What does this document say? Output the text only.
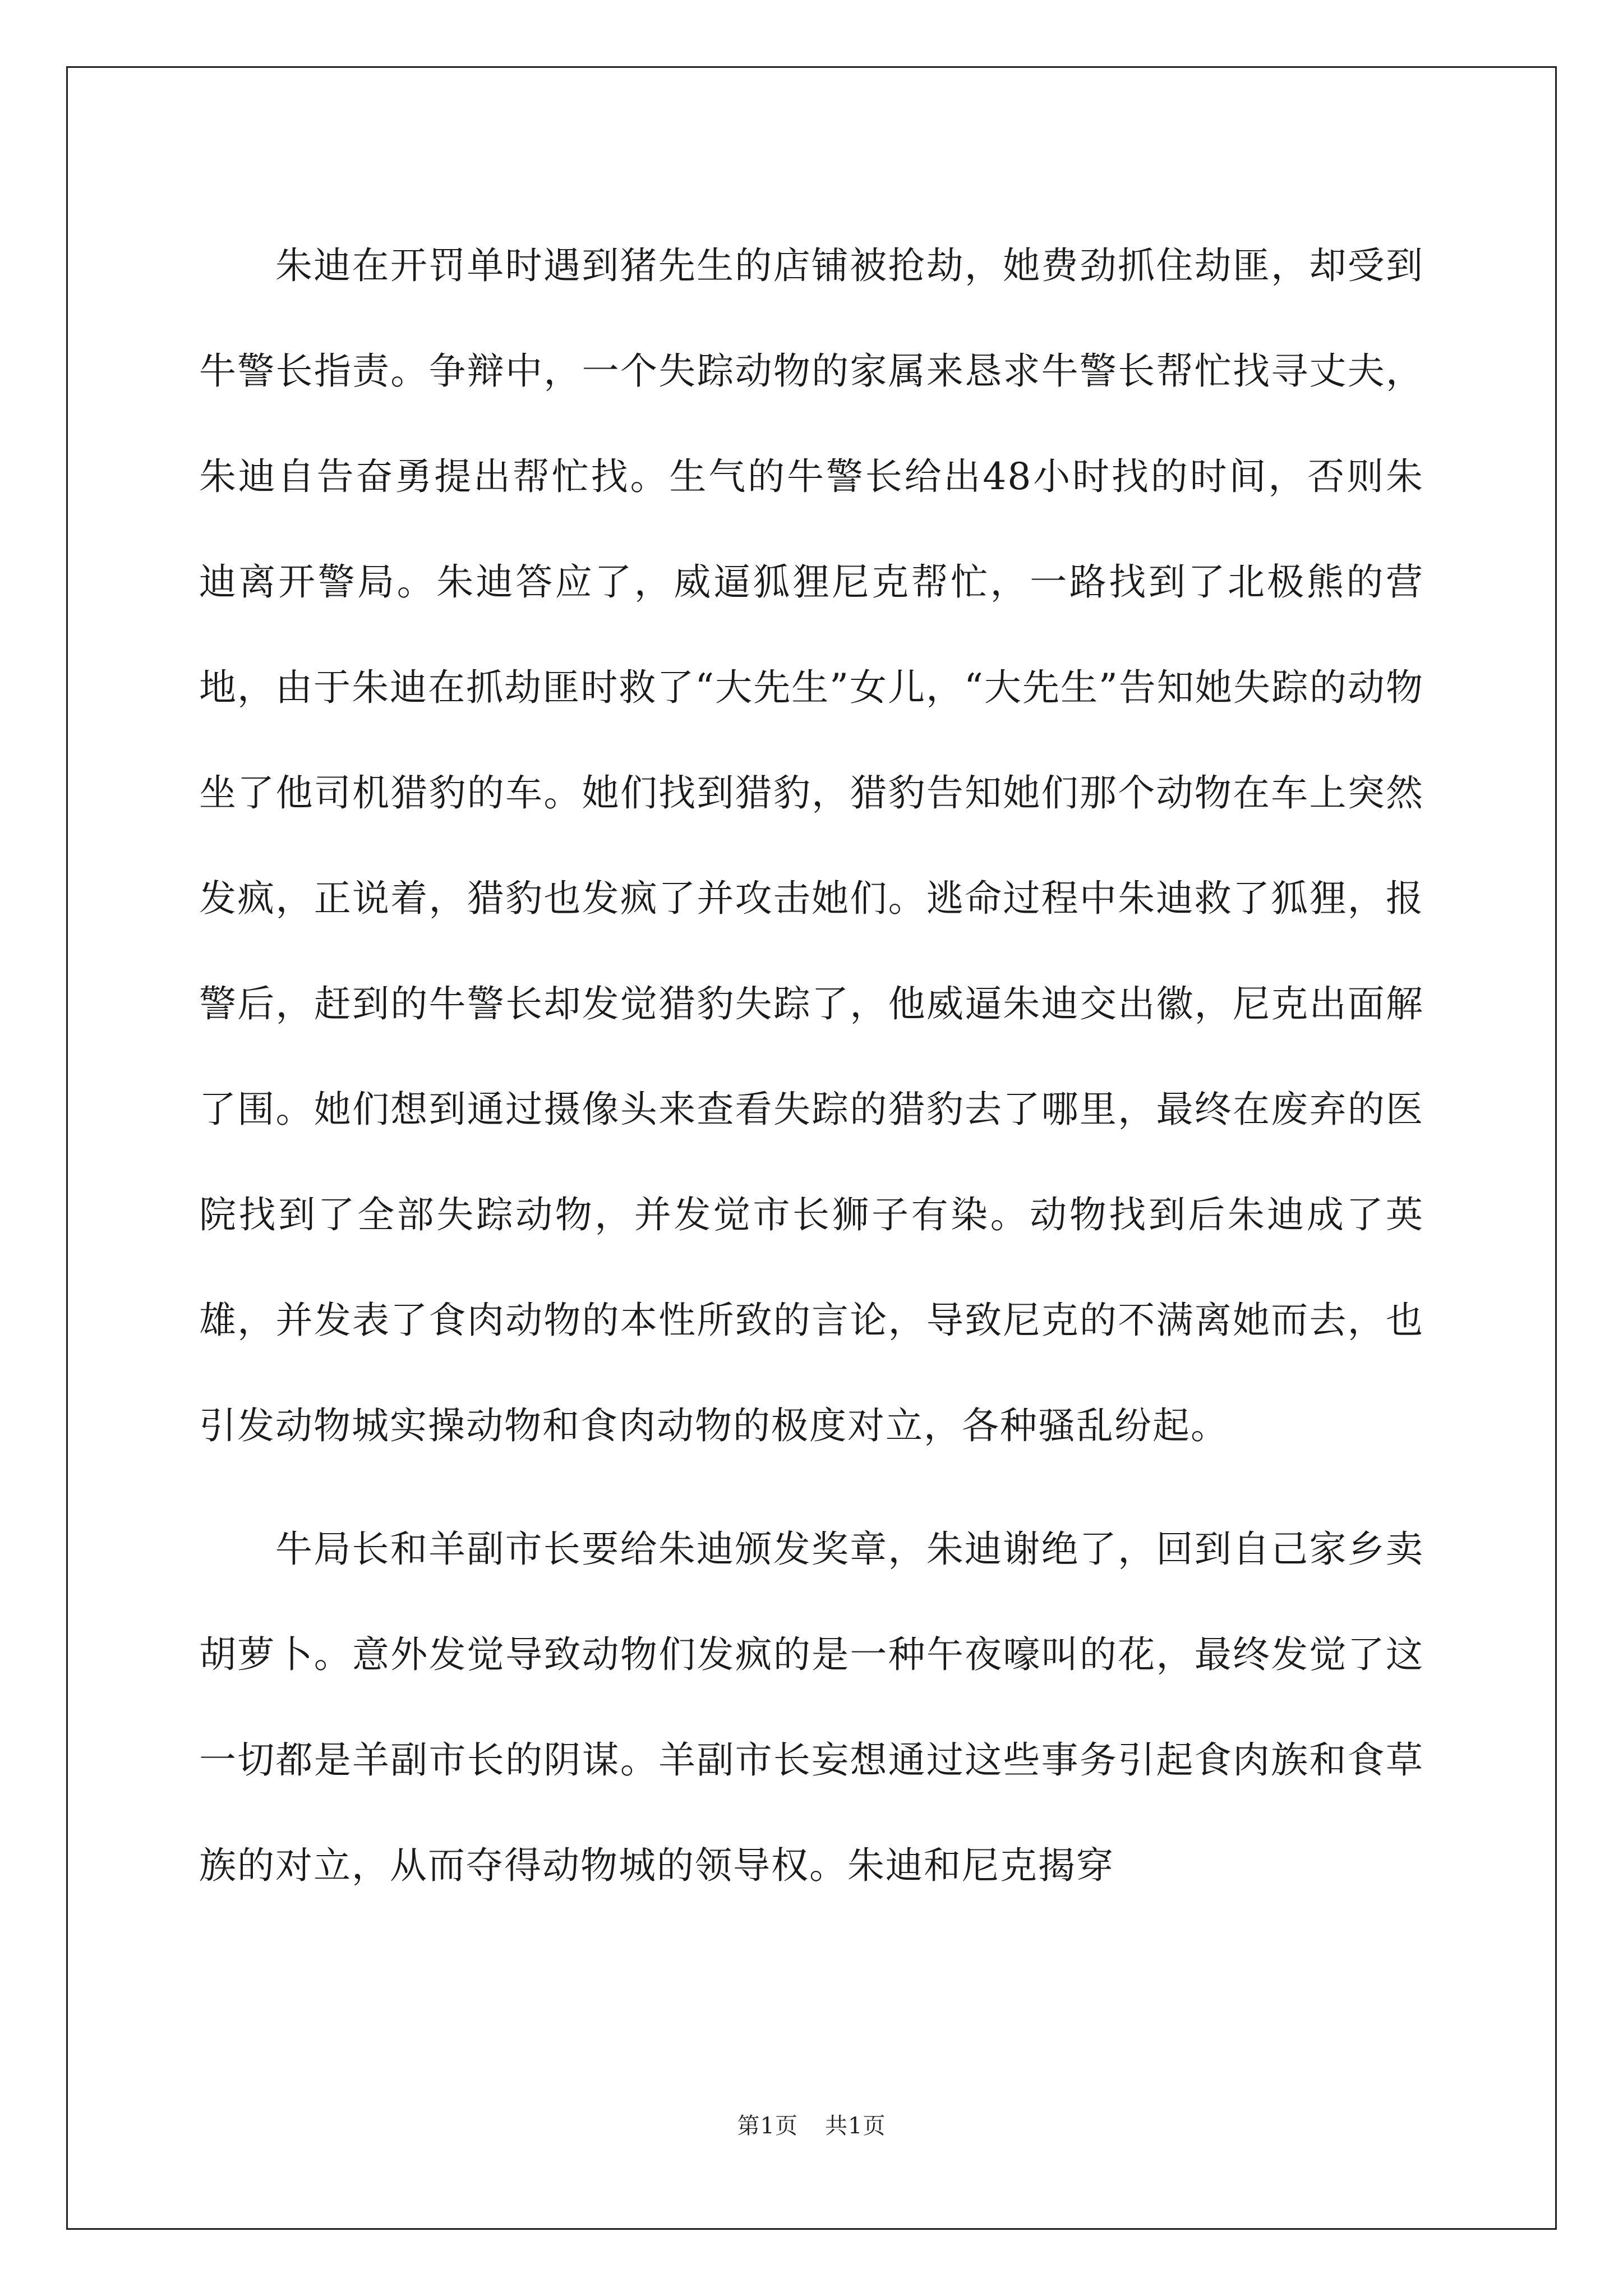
朱迪在开罚单时遇到猪先生的店铺被抢劫，她费劲抓住劫匪，却受到牛警长指责。争辩中，一个失踪动物的家属来恳求牛警长帮忙找寻丈夫，朱迪自告奋勇提出帮忙找。生气的牛警长给出48小时找的时间，否则朱迪离开警局。朱迪答应了，威逼狐狸尼克帮忙，一路找到了北极熊的营地，由于朱迪在抓劫匪时救了“大先生”女儿，“大先生”告知她失踪的动物坐了他司机猎豹的车。她们找到猎豹，猎豹告知她们那个动物在车上突然发疯，正说着，猎豹也发疯了并攻击她们。逃命过程中朱迪救了狐狸，报警后，赶到的牛警长却发觉猎豹失踪了，他威逼朱迪交出徽，尼克出面解了围。她们想到通过摄像头来查看失踪的猎豹去了哪里，最终在废弃的医院找到了全部失踪动物，并发觉市长狮子有染。动物找到后朱迪成了英雄，并发表了食肉动物的本性所致的言论，导致尼克的不满离她而去，也引发动物城实操动物和食肉动物的极度对立，各种骚乱纷起。

牛局长和羊副市长要给朱迪颁发奖章，朱迪谢绝了，回到自己家乡卖胡萝卜。意外发觉导致动物们发疯的是一种午夜嚎叫的花，最终发觉了这一切都是羊副市长的阴谋。羊副市长妄想通过这些事务引起食肉族和食草族的对立，从而夺得动物城的领导权。朱迪和尼克揭穿

第1页 共1页
